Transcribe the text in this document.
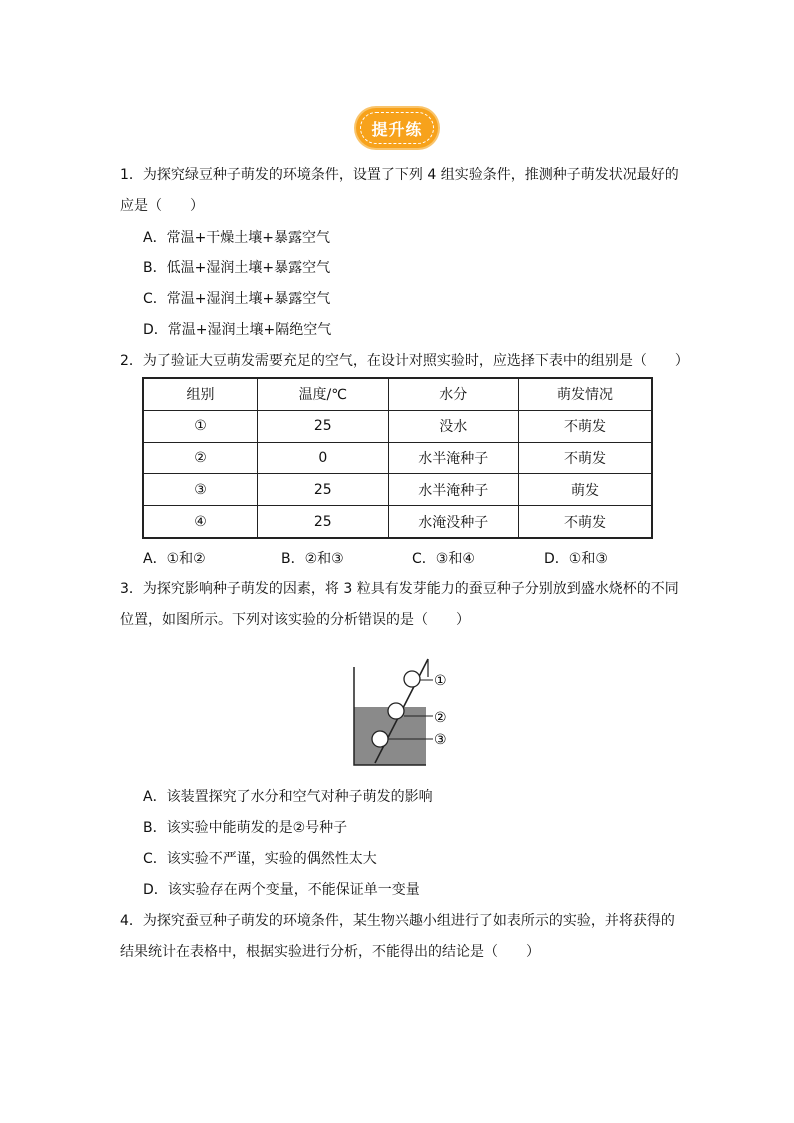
提升练
1．为探究绿豆种子萌发的环境条件，设置了下列 4 组实验条件，推测种子萌发状况最好的
应是（　　）
A．常温+干燥土壤+暴露空气
B．低温+湿润土壤+暴露空气
C．常温+湿润土壤+暴露空气
D．常温+湿润土壤+隔绝空气
2．为了验证大豆萌发需要充足的空气，在设计对照实验时，应选择下表中的组别是（　　）
组别	温度/℃	水分	萌发情况
①	25	没水	不萌发
②	0	水半淹种子	不萌发
③	25	水半淹种子	萌发
④	25	水淹没种子	不萌发
A．①和②	B．②和③	C．③和④	D．①和③
3．为探究影响种子萌发的因素，将 3 粒具有发芽能力的蚕豆种子分别放到盛水烧杯的不同
位置，如图所示。下列对该实验的分析错误的是（　　）
①
②
③
A．该装置探究了水分和空气对种子萌发的影响
B．该实验中能萌发的是②号种子
C．该实验不严谨，实验的偶然性太大
D．该实验存在两个变量，不能保证单一变量
4．为探究蚕豆种子萌发的环境条件，某生物兴趣小组进行了如表所示的实验，并将获得的
结果统计在表格中，根据实验进行分析，不能得出的结论是（　　）
